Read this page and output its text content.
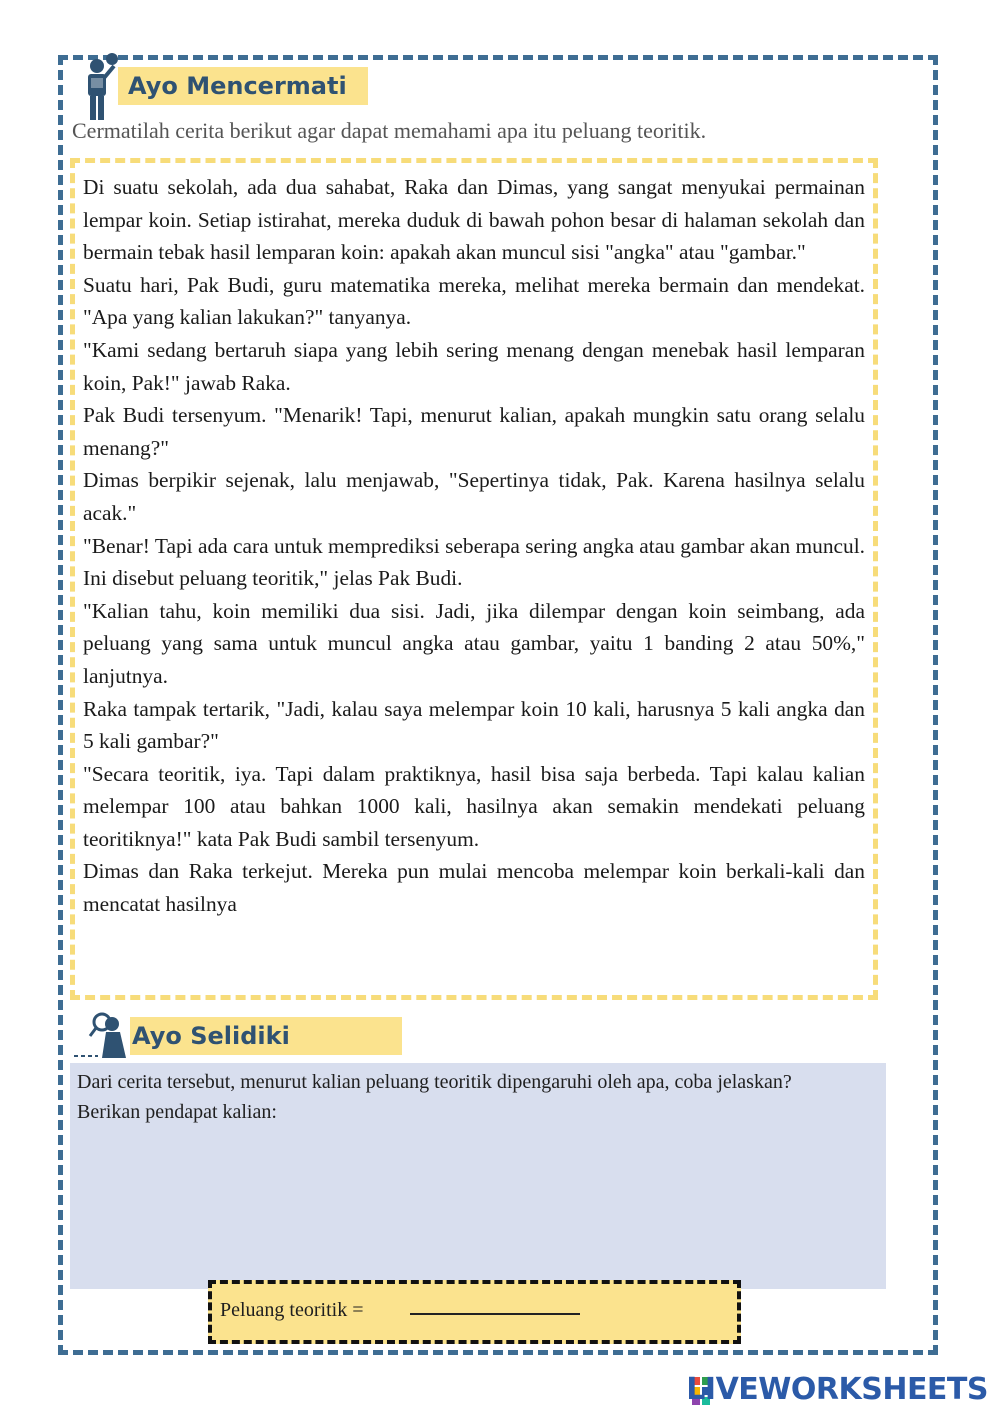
Ayo Mencermati
Cermatilah cerita berikut agar dapat memahami apa itu peluang teoritik.

Di suatu sekolah, ada dua sahabat, Raka dan Dimas, yang sangat menyukai permainan lempar koin. Setiap istirahat, mereka duduk di bawah pohon besar di halaman sekolah dan bermain tebak hasil lemparan koin: apakah akan muncul sisi "angka" atau "gambar."

Suatu hari, Pak Budi, guru matematika mereka, melihat mereka bermain dan mendekat. "Apa yang kalian lakukan?" tanyanya.

"Kami sedang bertaruh siapa yang lebih sering menang dengan menebak hasil lemparan koin, Pak!" jawab Raka.

Pak Budi tersenyum. "Menarik! Tapi, menurut kalian, apakah mungkin satu orang selalu menang?"

Dimas berpikir sejenak, lalu menjawab, "Sepertinya tidak, Pak. Karena hasilnya selalu acak."

"Benar! Tapi ada cara untuk memprediksi seberapa sering angka atau gambar akan muncul. Ini disebut peluang teoritik," jelas Pak Budi.

"Kalian tahu, koin memiliki dua sisi. Jadi, jika dilempar dengan koin seimbang, ada peluang yang sama untuk muncul angka atau gambar, yaitu 1 banding 2 atau 50%," lanjutnya.

Raka tampak tertarik, "Jadi, kalau saya melempar koin 10 kali, harusnya 5 kali angka dan 5 kali gambar?"

"Secara teoritik, iya. Tapi dalam praktiknya, hasil bisa saja berbeda. Tapi kalau kalian melempar 100 atau bahkan 1000 kali, hasilnya akan semakin mendekati peluang teoritiknya!" kata Pak Budi sambil tersenyum.

Dimas dan Raka terkejut. Mereka pun mulai mencoba melempar koin berkali-kali dan mencatat hasilnya

Ayo Selidiki

Dari cerita tersebut, menurut kalian peluang teoritik dipengaruhi oleh apa, coba jelaskan?

Berikan pendapat kalian:

Peluang teoritik =
LIVEWORKSHEETS
